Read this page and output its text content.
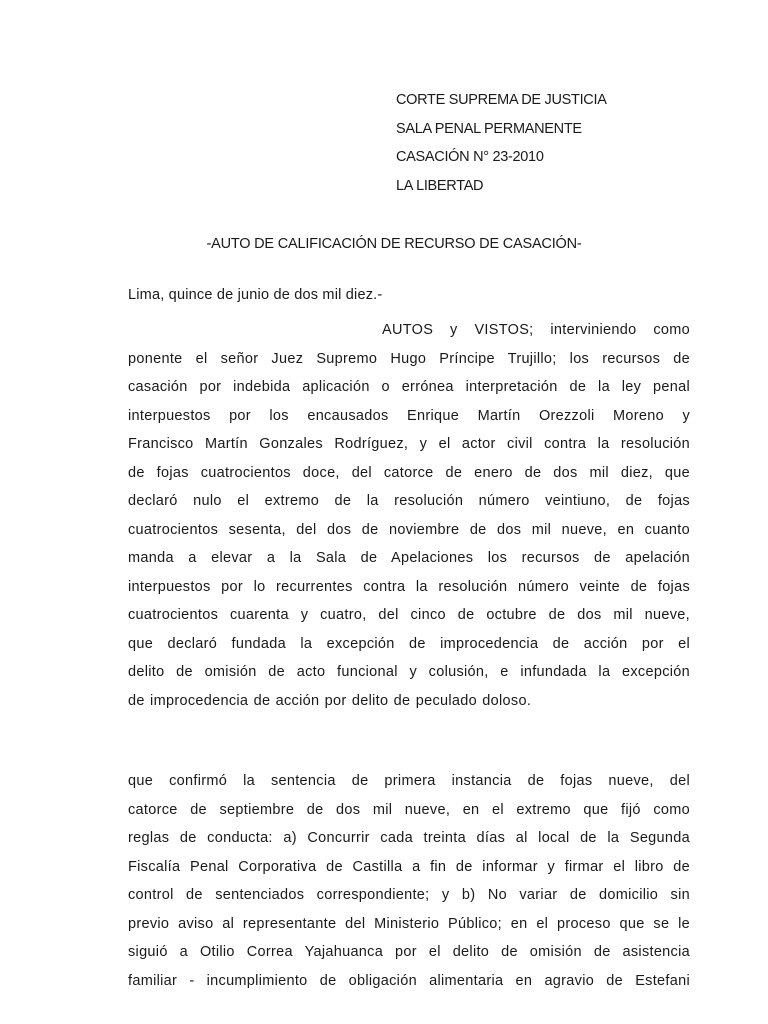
CORTE SUPREMA DE JUSTICIA
SALA PENAL PERMANENTE
CASACIÓN N° 23-2010
LA LIBERTAD
-AUTO DE CALIFICACIÓN DE RECURSO DE CASACIÓN-
Lima, quince de junio de dos mil diez.-
AUTOS y VISTOS; interviniendo como
ponente el señor Juez Supremo Hugo Príncipe Trujillo; los recursos de
casación por indebida aplicación o errónea interpretación de la ley penal
interpuestos por los encausados Enrique Martín Orezzoli Moreno y
Francisco Martín Gonzales Rodríguez, y el actor civil contra la resolución
de fojas cuatrocientos doce, del catorce de enero de dos mil diez, que
declaró nulo el extremo de la resolución número veintiuno, de fojas
cuatrocientos sesenta, del dos de noviembre de dos mil nueve, en cuanto
manda a elevar a la Sala de Apelaciones los recursos de apelación
interpuestos por lo recurrentes contra la resolución número veinte de fojas
cuatrocientos cuarenta y cuatro, del cinco de octubre de dos mil nueve,
que declaró fundada la excepción de improcedencia de acción por el
delito de omisión de acto funcional y colusión, e infundada la excepción
de improcedencia de acción por delito de peculado doloso.
que confirmó la sentencia de primera instancia de fojas nueve, del
catorce de septiembre de dos mil nueve, en el extremo que fijó como
reglas de conducta: a) Concurrir cada treinta días al local de la Segunda
Fiscalía Penal Corporativa de Castilla a fin de informar y firmar el libro de
control de sentenciados correspondiente; y b) No variar de domicilio sin
previo aviso al representante del Ministerio Público; en el proceso que se le
siguió a Otilio Correa Yajahuanca por el delito de omisión de asistencia
familiar - incumplimiento de obligación alimentaria en agravio de Estefani
